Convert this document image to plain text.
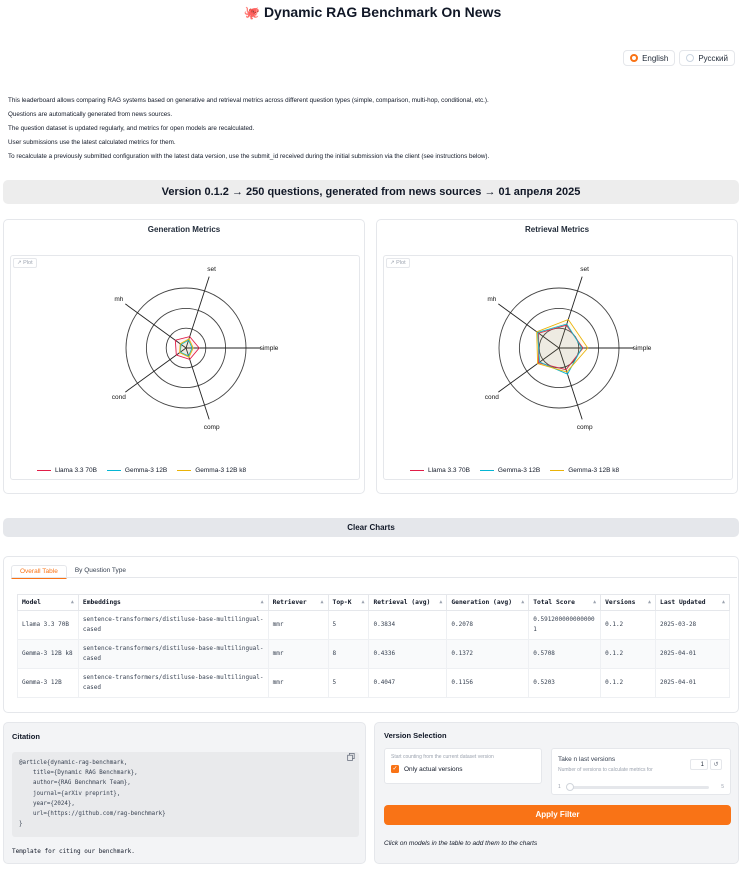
🐙 Dynamic RAG Benchmark On News
English	Русский
This leaderboard allows comparing RAG systems based on generative and retrieval metrics across different question types (simple, comparison, multi-hop, conditional, etc.).
Questions are automatically generated from news sources.
The question dataset is updated regularly, and metrics for open models are recalculated.
User submissions use the latest calculated metrics for them.
To recalculate a previously submitted configuration with the latest data version, use the submit_id received during the initial submission via the client (see instructions below).
Version 0.1.2 → 250 questions, generated from news sources → 01 апреля 2025
Generation Metrics
↗ Plot
simple
set
mh
cond
comp
Llama 3.3 70B	Gemma-3 12B	Gemma-3 12B k8
Retrieval Metrics
↗ Plot
simple
set
mh
cond
comp
Llama 3.3 70B	Gemma-3 12B	Gemma-3 12B k8
Clear Charts
Overall Table	By Question Type
Model ▲	Embeddings ▲	Retriever ▲	Top-K ▲	Retrieval (avg) ▲	Generation (avg) ▲	Total Score ▲	Versions ▲	Last Updated ▲

Llama 3.3 70B	sentence-transformers/distiluse-base-multilingual-cased	mmr	5	0.3834	0.2078	0.5912000000000001	0.1.2	2025-03-28
Gemma-3 12B k8	sentence-transformers/distiluse-base-multilingual-cased	mmr	8	0.4336	0.1372	0.5708	0.1.2	2025-04-01
Gemma-3 12B	sentence-transformers/distiluse-base-multilingual-cased	mmr	5	0.4047	0.1156	0.5203	0.1.2	2025-04-01
Citation
@article{dynamic-rag-benchmark,
title={Dynamic RAG Benchmark},
author={RAG Benchmark Team},
journal={arXiv preprint},
year={2024},
url={https://github.com/rag-benchmark}
}
Template for citing our benchmark.
Version Selection
Start counting from the current dataset version
✓ Only actual versions
Take n last versions
Number of versions to calculate metrics for
1	↺
1	5
Apply Filter
Click on models in the table to add them to the charts
